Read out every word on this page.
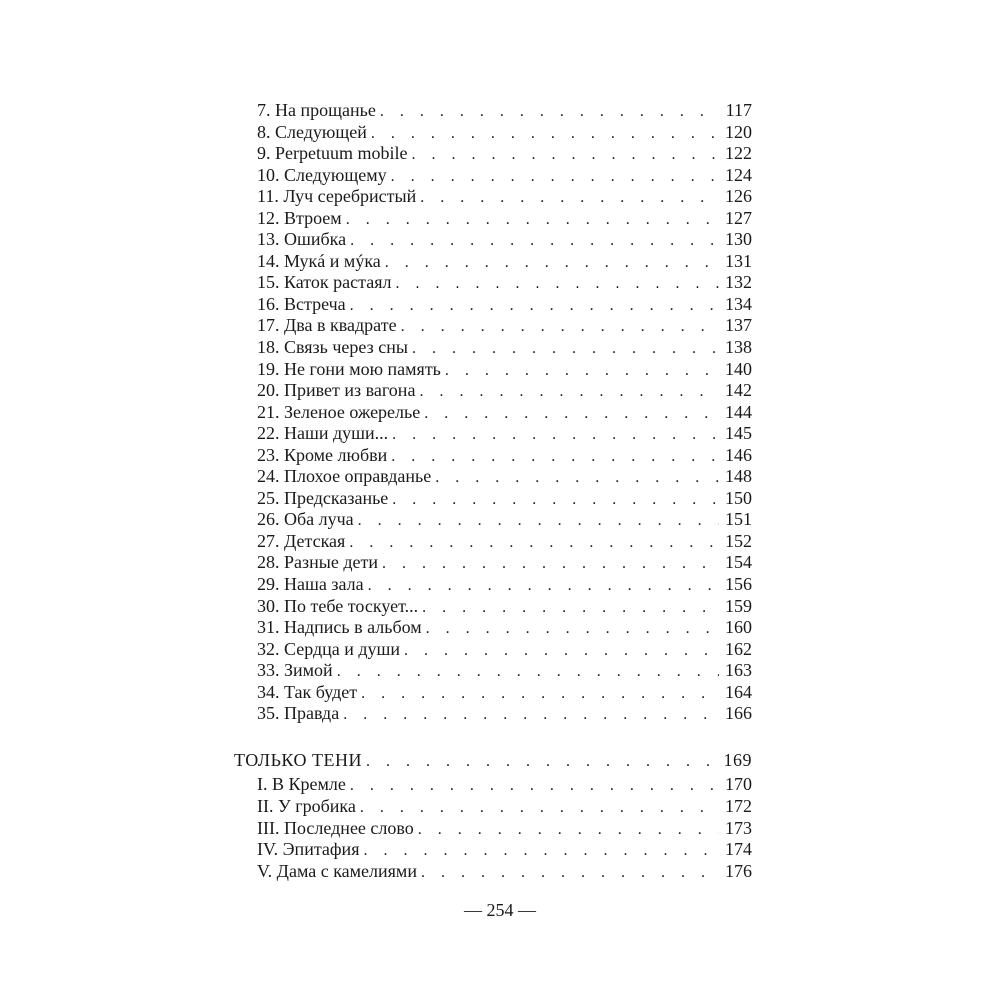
7. На прощанье . . .	117
8. Следующей . . .	120
9. Perpetuum mobile . . .	122
10. Следующему . . .	124
11. Луч серебристый . . .	126
12. Втроем . . .	127
13. Ошибка . . .	130
14. Мукá и мýка . . .	131
15. Каток растаял . . .	132
16. Встреча . . .	134
17. Два в квадрате . . .	137
18. Связь через сны . . .	138
19. Не гони мою память . . .	140
20. Привет из вагона . . .	142
21. Зеленое ожерелье . . .	144
22. Наши души... . . .	145
23. Кроме любви . . .	146
24. Плохое оправданье . . .	148
25. Предсказанье . . .	150
26. Оба луча . . .	151
27. Детская . . .	152
28. Разные дети . . .	154
29. Наша зала . . .	156
30. По тебе тоскует... . . .	159
31. Надпись в альбом . . .	160
32. Сердца и души . . .	162
33. Зимой . . .	163
34. Так будет . . .	164
35. Правда . . .	166
ТОЛЬКО ТЕНИ . . .	169
I. В Кремле . . .	170
II. У гробика . . .	172
III. Последнее слово . . .	173
IV. Эпитафия . . .	174
V. Дама с камелиями . . .	176
— 254 —
